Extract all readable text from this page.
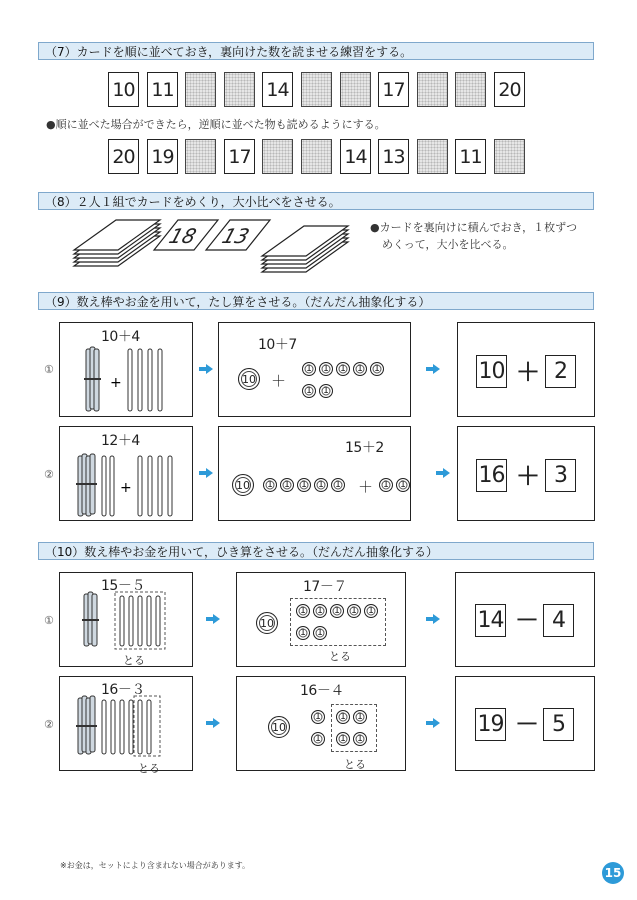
（7）カードを順に並べておき，裏向けた数を読ませる練習をする。
10 11	14	17	20
●順に並べた場合ができたら，逆順に並べた物も読めるようにする。
20 19	17	14 13	11
（8）２人１組でカードをめくり，大小比べをさせる。
18 13	●カードを裏向けに積んでおき，１枚ずつ
めくって，大小を比べる。
（9）数え棒やお金を用いて，たし算をさせる。（だんだん抽象化する）
①
10＋4
+
10＋7
10 ＋
1	1	1	1	1
1	1
10 ＋ 2
②
12＋4
+
15＋2
10	1	1	1	1	1	1	1
＋	16 ＋ 3
（10）数え棒やお金を用いて，ひき算をさせる。（だんだん抽象化する）
①
15－５
とる
17－７
10
1	1	1	1	1
1	1
とる
14 － 4
②
16－３
とる
16－４
10
1	1	1
1	1	1
とる
19 － 5
※お金は，セットにより含まれない場合があります。
15
